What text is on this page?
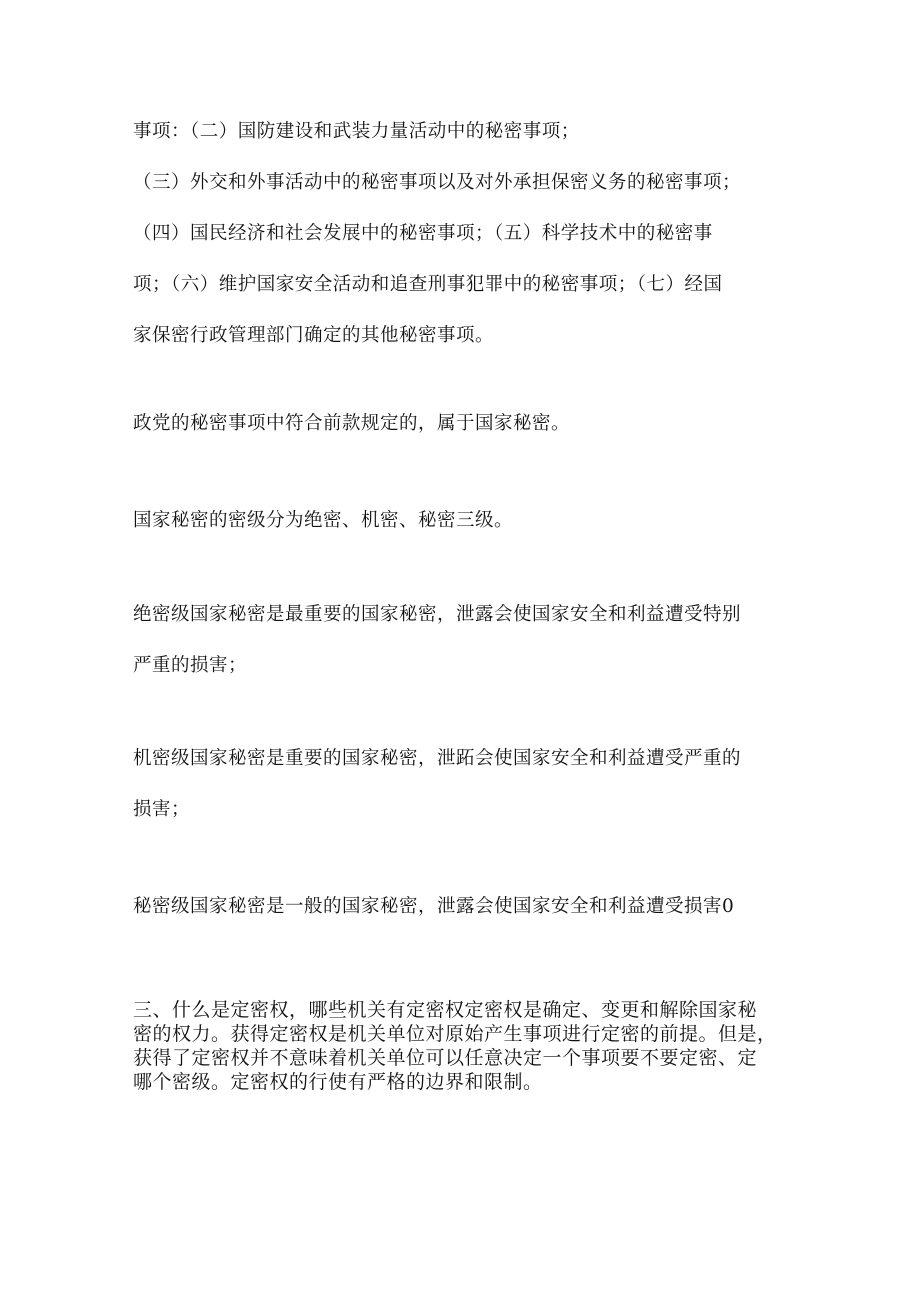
事项：（二）国防建设和武装力量活动中的秘密事项；
（三）外交和外事活动中的秘密事项以及对外承担保密义务的秘密事项；
（四）国民经济和社会发展中的秘密事项；（五）科学技术中的秘密事
项；（六）维护国家安全活动和追查刑事犯罪中的秘密事项；（七）经国
家保密行政管理部门确定的其他秘密事项。
政党的秘密事项中符合前款规定的，属于国家秘密。
国家秘密的密级分为绝密、机密、秘密三级。
绝密级国家秘密是最重要的国家秘密，泄露会使国家安全和利益遭受特别
严重的损害；
机密级国家秘密是重要的国家秘密，泄跖会使国家安全和利益遭受严重的
损害；
秘密级国家秘密是一般的国家秘密，泄露会使国家安全和利益遭受损害0
三、什么是定密权，哪些机关有定密权定密权是确定、变更和解除国家秘
密的权力。获得定密权是机关单位对原始产生事项进行定密的前提。但是，
获得了定密权并不意味着机关单位可以任意决定一个事项要不要定密、定
哪个密级。定密权的行使有严格的边界和限制。
